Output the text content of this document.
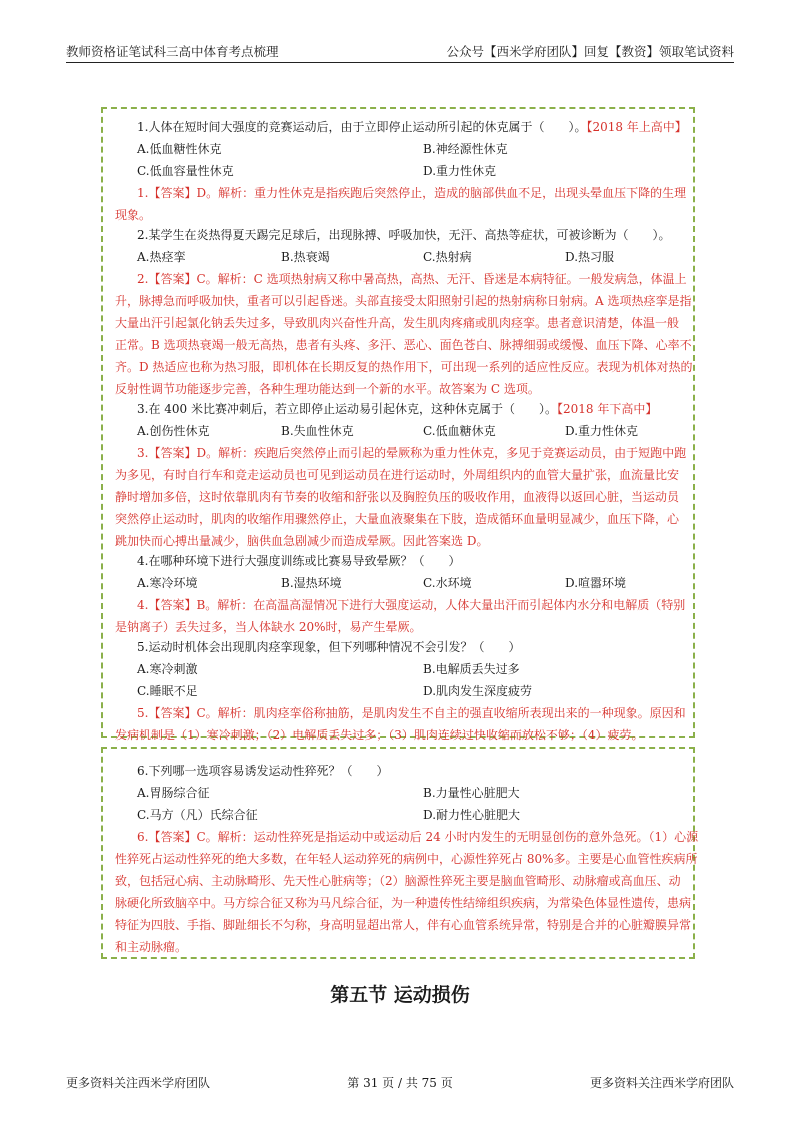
教师资格证笔试科三高中体育考点梳理	公众号【西米学府团队】回复【教资】领取笔试资料
1.人体在短时间大强度的竞赛运动后，由于立即停止运动所引起的休克属于（　　）。【2018 年上高中】
A.低血糖性休克	B.神经源性休克
C.低血容量性休克	D.重力性休克
1.【答案】D。解析：重力性休克是指疾跑后突然停止，造成的脑部供血不足，出现头晕血压下降的生理
现象。
2.某学生在炎热得夏天踢完足球后，出现脉搏、呼吸加快，无汗、高热等症状，可被诊断为（　　）。
A.热痉挛	B.热衰竭	C.热射病	D.热习服
2.【答案】C。解析：C 选项热射病又称中暑高热，高热、无汗、昏迷是本病特征。一般发病急，体温上
升，脉搏急而呼吸加快，重者可以引起昏迷。头部直接受太阳照射引起的热射病称日射病。A 选项热痉挛是指
大量出汗引起氯化钠丢失过多，导致肌肉兴奋性升高，发生肌肉疼痛或肌肉痉挛。患者意识清楚，体温一般
正常。B 选项热衰竭一般无高热，患者有头疼、多汗、恶心、面色苍白、脉搏细弱或缓慢、血压下降、心率不
齐。D 热适应也称为热习服，即机体在长期反复的热作用下，可出现一系列的适应性反应。表现为机体对热的
反射性调节功能逐步完善，各种生理功能达到一个新的水平。故答案为 C 选项。
3.在 400 米比赛冲刺后，若立即停止运动易引起休克，这种休克属于（　　）。【2018 年下高中】
A.创伤性休克	B.失血性休克	C.低血糖休克	D.重力性休克
3.【答案】D。解析：疾跑后突然停止而引起的晕厥称为重力性休克，多见于竞赛运动员，由于短跑中跑
为多见，有时自行车和竞走运动员也可见到运动员在进行运动时，外周组织内的血管大量扩张，血流量比安
静时增加多倍，这时依靠肌肉有节奏的收缩和舒张以及胸腔负压的吸收作用，血液得以返回心脏，当运动员
突然停止运动时，肌肉的收缩作用骤然停止，大量血液聚集在下肢，造成循环血量明显减少，血压下降，心
跳加快而心搏出量减少，脑供血急剧减少而造成晕厥。因此答案选 D。
4.在哪种环境下进行大强度训练或比赛易导致晕厥？（　　）
A.寒冷环境	B.湿热环境	C.水环境	D.喧嚣环境
4.【答案】B。解析：在高温高湿情况下进行大强度运动，人体大量出汗而引起体内水分和电解质（特别
是钠离子）丢失过多，当人体缺水 20%时，易产生晕厥。
5.运动时机体会出现肌肉痉挛现象，但下列哪种情况不会引发？（　　）
A.寒冷刺激	B.电解质丢失过多
C.睡眠不足	D.肌肉发生深度疲劳
5.【答案】C。解析：肌肉痉挛俗称抽筋，是肌肉发生不自主的强直收缩所表现出来的一种现象。原因和
发病机制是（1）寒冷刺激；（2）电解质丢失过多；（3）肌肉连续过快收缩而放松不够；（4）疲劳。
6.下列哪一选项容易诱发运动性猝死？（　　）
A.胃肠综合征	B.力量性心脏肥大
C.马方（凡）氏综合征	D.耐力性心脏肥大
6.【答案】C。解析：运动性猝死是指运动中或运动后 24 小时内发生的无明显创伤的意外急死。（1）心源
性猝死占运动性猝死的绝大多数，在年轻人运动猝死的病例中，心源性猝死占 80%多。主要是心血管性疾病所
致，包括冠心病、主动脉畸形、先天性心脏病等；（2）脑源性猝死主要是脑血管畸形、动脉瘤或高血压、动
脉硬化所致脑卒中。马方综合征又称为马凡综合征，为一种遗传性结缔组织疾病，为常染色体显性遗传，患病
特征为四肢、手指、脚趾细长不匀称，身高明显超出常人，伴有心血管系统异常，特别是合并的心脏瓣膜异常
和主动脉瘤。
第五节 运动损伤
更多资料关注西米学府团队	第 31 页 / 共 75 页	更多资料关注西米学府团队
